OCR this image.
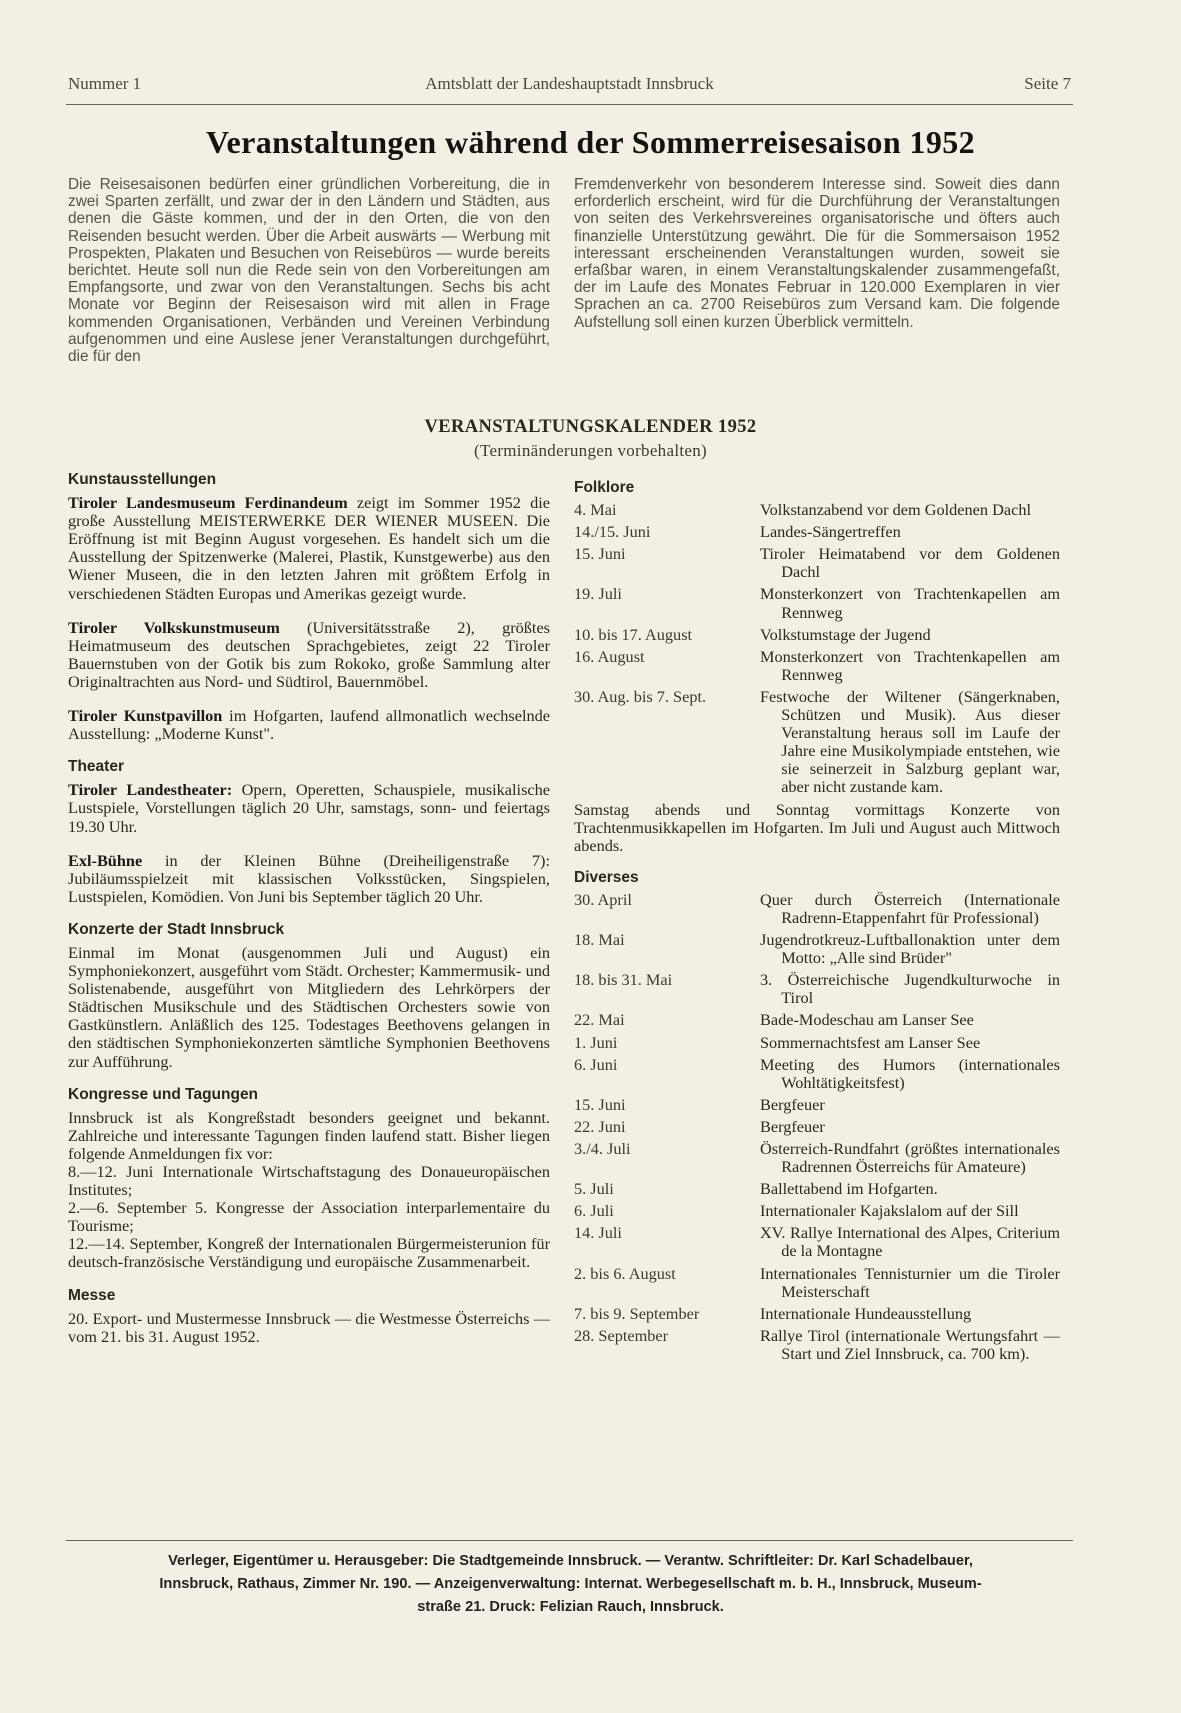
Nummer 1	Amtsblatt der Landeshauptstadt Innsbruck	Seite 7
Veranstaltungen während der Sommerreisesaison 1952

Die Reisesaisonen bedürfen einer gründlichen Vorbereitung, die in zwei Sparten zerfällt, und zwar der in den Ländern und Städten, aus denen die Gäste kommen, und der in den Orten, die von den Reisenden besucht werden. Über die Arbeit auswärts — Werbung mit Prospekten, Plakaten und Besuchen von Reisebüros — wurde bereits berichtet. Heute soll nun die Rede sein von den Vorbereitungen am Empfangsorte, und zwar von den Veranstaltungen. Sechs bis acht Monate vor Beginn der Reisesaison wird mit allen in Frage kommenden Organisationen, Verbänden und Vereinen Verbindung aufgenommen und eine Auslese jener Veranstaltungen durchgeführt, die für den

Fremdenverkehr von besonderem Interesse sind. Soweit dies dann erforderlich erscheint, wird für die Durchführung der Veranstaltungen von seiten des Verkehrsvereines organisatorische und öfters auch finanzielle Unterstützung gewährt. Die für die Sommersaison 1952 interessant erscheinenden Veranstaltungen wurden, soweit sie erfaßbar waren, in einem Veranstaltungskalender zusammengefaßt, der im Laufe des Monates Februar in 120.000 Exemplaren in vier Sprachen an ca. 2700 Reisebüros zum Versand kam. Die folgende Aufstellung soll einen kurzen Überblick vermitteln.

VERANSTALTUNGSKALENDER 1952
(Terminänderungen vorbehalten)
Kunstausstellungen

Tiroler Landesmuseum Ferdinandeum zeigt im Sommer 1952 die große Ausstellung MEISTERWERKE DER WIENER MUSEEN. Die Eröffnung ist mit Beginn August vorgesehen. Es handelt sich um die Ausstellung der Spitzenwerke (Malerei, Plastik, Kunstgewerbe) aus den Wiener Museen, die in den letzten Jahren mit größtem Erfolg in verschiedenen Städten Europas und Amerikas gezeigt wurde.

Tiroler Volkskunstmuseum (Universitätsstraße 2), größtes Heimatmuseum des deutschen Sprachgebietes, zeigt 22 Tiroler Bauernstuben von der Gotik bis zum Rokoko, große Sammlung alter Originaltrachten aus Nord- und Südtirol, Bauernmöbel.

Tiroler Kunstpavillon im Hofgarten, laufend allmonatlich wechselnde Ausstellung: „Moderne Kunst".

Theater

Tiroler Landestheater: Opern, Operetten, Schauspiele, musikalische Lustspiele, Vorstellungen täglich 20 Uhr, samstags, sonn- und feiertags 19.30 Uhr.

Exl-Bühne in der Kleinen Bühne (Dreiheiligenstraße 7): Jubiläumsspielzeit mit klassischen Volksstücken, Singspielen, Lustspielen, Komödien. Von Juni bis September täglich 20 Uhr.

Konzerte der Stadt Innsbruck

Einmal im Monat (ausgenommen Juli und August) ein Symphoniekonzert, ausgeführt vom Städt. Orchester; Kammermusik- und Solistenabende, ausgeführt von Mitgliedern des Lehrkörpers der Städtischen Musikschule und des Städtischen Orchesters sowie von Gastkünstlern. Anläßlich des 125. Todestages Beethovens gelangen in den städtischen Symphoniekonzerten sämtliche Symphonien Beethovens zur Aufführung.

Kongresse und Tagungen

Innsbruck ist als Kongreßstadt besonders geeignet und bekannt. Zahlreiche und interessante Tagungen finden laufend statt. Bisher liegen folgende Anmeldungen fix vor:

8.—12. Juni Internationale Wirtschaftstagung des Donaueuropäischen Institutes;

2.—6. September 5. Kongresse der Association interparlementaire du Tourisme;

12.—14. September, Kongreß der Internationalen Bürgermeisterunion für deutsch-französische Verständigung und europäische Zusammenarbeit.

Messe

20. Export- und Mustermesse Innsbruck — die Westmesse Österreichs — vom 21. bis 31. August 1952.

Folklore
4. Mai	Volkstanzabend vor dem Goldenen Dachl
14./15. Juni	Landes-Sängertreffen
15. Juni	Tiroler Heimatabend vor dem Goldenen Dachl
19. Juli	Monsterkonzert von Trachtenkapellen am Rennweg
10. bis 17. August	Volkstumstage der Jugend
16. August	Monsterkonzert von Trachtenkapellen am Rennweg
30. Aug. bis 7. Sept.	Festwoche der Wiltener (Sängerknaben, Schützen und Musik). Aus dieser Veranstaltung heraus soll im Laufe der Jahre eine Musikolympiade entstehen, wie sie seinerzeit in Salzburg geplant war, aber nicht zustande kam.

Samstag abends und Sonntag vormittags Konzerte von Trachtenmusikkapellen im Hofgarten. Im Juli und August auch Mittwoch abends.

Diverses
30. April	Quer durch Österreich (Internationale Radrenn-Etappenfahrt für Professional)
18. Mai	Jugendrotkreuz-Luftballonaktion unter dem Motto: „Alle sind Brüder"
18. bis 31. Mai	3. Österreichische Jugendkulturwoche in Tirol
22. Mai	Bade-Modeschau am Lanser See
1. Juni	Sommernachtsfest am Lanser See
6. Juni	Meeting des Humors (internationales Wohltätigkeitsfest)
15. Juni	Bergfeuer
22. Juni	Bergfeuer
3./4. Juli	Österreich-Rundfahrt (größtes internationales Radrennen Österreichs für Amateure)
5. Juli	Ballettabend im Hofgarten.
6. Juli	Internationaler Kajakslalom auf der Sill
14. Juli	XV. Rallye International des Alpes, Criterium de la Montagne
2. bis 6. August	Internationales Tennisturnier um die Tiroler Meisterschaft
7. bis 9. September	Internationale Hundeausstellung
28. September	Rallye Tirol (internationale Wertungsfahrt — Start und Ziel Innsbruck, ca. 700 km).
Verleger, Eigentümer u. Herausgeber: Die Stadtgemeinde Innsbruck. — Verantw. Schriftleiter: Dr. Karl Schadelbauer,
Innsbruck, Rathaus, Zimmer Nr. 190. — Anzeigenverwaltung: Internat. Werbegesellschaft m. b. H., Innsbruck, Museum-
straße 21. Druck: Felizian Rauch, Innsbruck.
